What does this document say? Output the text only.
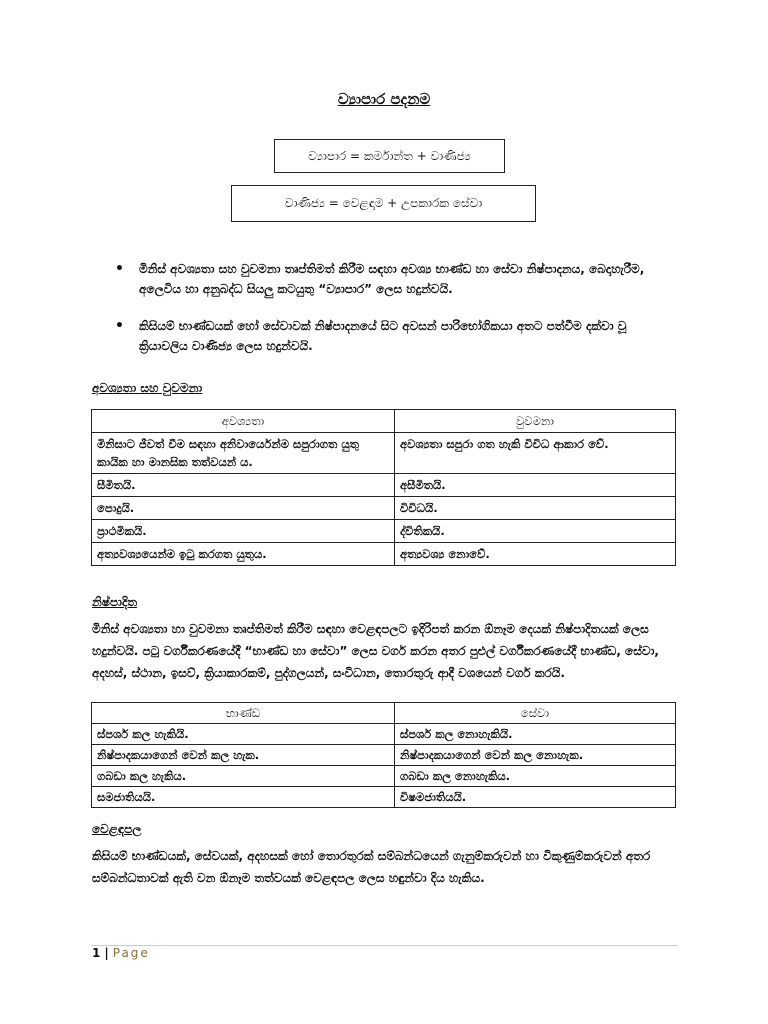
ව්‍යාපාර පදනම
ව්‍යාපාර = කර්මාන්ත + වාණිජ්‍ය
වාණිජ්‍ය = වෙළඳාම + උපකාරක සේවා
• මිනිස් අවශ්‍යතා සහ වුවමනා තෘප්තිමත් කිරීම සඳහා අවශ්‍ය භාණ්ඩ හා සේවා නිෂ්පාදනය, බෙදාහැරීම, අලෙවිය හා අනුබද්ධ සියලු කටයුතු “ව්‍යාපාර” ලෙස හදුන්වයි.
• කිසියම් භාණ්ඩයක් හෝ සේවාවක් නිෂ්පාදනයේ සිට අවසන් පාරිභෝගිකයා අතට පත්වීම දක්වා වූ ක්‍රියාවලිය වාණිජ්‍ය ලෙස හදුන්වයි.
අවශ්‍යතා සහ වුවමනා
අවශ්‍යතා	වුවමනා
මිනිසාට ජීවත් වීම සඳහා අනිවාර්යෙන්ම සපුරාගත යුතු කායික හා මානසික තත්වයන් ය.	අවශ්‍යතා සපුරා ගත හැකි විවිධ ආකාර වේ.
සීමිතයි.	අසීමිතයි.
පොදුයි.	විවිධයි.
ප්‍රාථමිකයි.	ද්විතිකයි.
අත්‍යවශ්‍යයෙන්ම ඉටු කරගත යුතුය.	අත්‍යවශ්‍ය නොවේ.
නිෂ්පාදිත
මිනිස් අවශ්‍යතා හා වුවමනා තෘප්තිමත් කිරීම සඳහා වෙළඳපලට ඉදිරිපත් කරන ඕනෑම දෙයක් නිෂ්පාදිතයක් ලෙස හදුන්වයි. පටු වර්ගීකරණයේදී “භාණ්ඩ හා සේවා” ලෙස වර්ග කරන අතර පුළුල් වර්ගීකරණයේදී භාණ්ඩ, සේවා, අදහස්, ස්ථාන, ඉසව්, ක්‍රියාකාරකම්, පුද්ගලයන්, සංවිධාන, තොරතුරු ආදී වශයෙන් වර්ග කරයි.
භාණ්ඩ	සේවා
ස්පර්ශ කල හැකියි.	ස්පර්ශ කල නොහැකියි.
නිෂ්පාදකයාගෙන් වෙන් කල හැක.	නිෂ්පාදකයාගෙන් වෙන් කල නොහැක.
ගබඩා කල හැකිය.	ගබඩා කල නොහැකිය.
සමජාතියයි.	විෂමජාතියයි.
වෙළඳපල
කිසියම් භාණ්ඩයක්, සේවයක්, අදහසක් හෝ තොරතුරක් සම්බන්ධයෙන් ගැනුම්කරුවන් හා විකුණුම්කරුවන් අතර සම්බන්ධතාවක් ඇති වන ඕනෑම තත්වයක් වෙළඳපල ලෙස හඳුන්වා දිය හැකිය.
1 | Page
